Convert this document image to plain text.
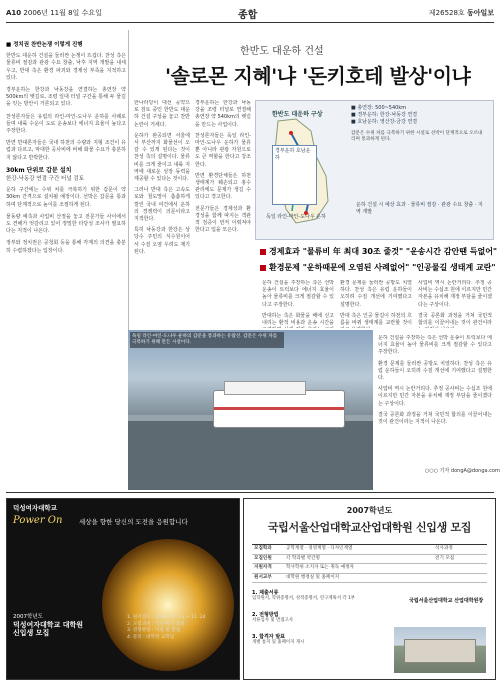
A10 2006년 11월 8일 수요일	종합	제26528호 동아일보
■ 정치권 찬반논쟁 이렇게 진행

한반도 대운하 건설을 둘러싼 논쟁이 뜨겁다. 찬성 측은 물류비 절감과 관광 수요 창출, 낙후 지역 개발을 내세우고, 반대 측은 환경 파괴와 경제성 부족을 지적하고 있다.

경부운하는 한강과 낙동강을 연결하는 총연장 약 500km의 뱃길로, 조령 일대 터널 구간을 통해 두 물길을 잇는 방안이 거론되고 있다.

찬성론자들은 유럽의 라인-마인-도나우 운하를 사례로 들며 내륙 수운이 도로 운송보다 에너지 효율이 높다고 주장한다.

반면 반대론자들은 국내 하천의 수량과 지형 조건이 유럽과 다르고, 막대한 공사비에 비해 화물 수요가 충분하지 않다고 반박한다.

30km 단위로 갑문 설치
한강-낙동강 연결 구간 터널 검토

운하 구간에는 수위 차를 극복하기 위한 갑문이 약 30km 간격으로 설치될 예정이다. 선박은 갑문을 통과하며 단계적으로 높이를 조절하게 된다.

물동량 예측과 사업비 산정을 놓고 전문가들 사이에서도 견해가 엇갈리고 있어 정밀한 타당성 조사가 필요하다는 지적이 나온다.

정부와 정치권은 공청회 등을 통해 각계의 의견을 충분히 수렴하겠다는 입장이다.

한반도 대운하 건설
'솔로몬 지혜'냐 '돈키호테 발상'이냐

한나라당이 대선 공약으로 검토 중인 한반도 대운하 건설 구상을 놓고 찬반 논란이 거세다.

운하가 완공되면 서울에서 부산까지 화물선이 오갈 수 있게 된다는 것이 찬성 측의 설명이다. 물류비를 크게 줄이고 내륙 지역에 새로운 성장 동력을 제공할 수 있다는 것이다.

그러나 반대 측은 고속도로와 철도망이 촘촘하게 깔린 국내 여건에서 운하의 경쟁력이 의문이라고 지적한다.

특히 낙동강과 한강은 상당수 주민의 식수원이어서 수질 오염 우려도 제기된다.

경부운하는 한강과 낙동강을 조령 터널로 연결해 총연장 약 540km의 뱃길을 만드는 사업이다.

찬성론자들은 독일 라인-마인-도나우 운하가 물류뿐 아니라 관광 자원으로도 큰 역할을 한다고 강조한다.

반면 환경단체들은 하천 생태계가 훼손되고 홍수 관리에도 문제가 생길 수 있다고 경고한다.

전문가들은 경제성과 환경성을 함께 따지는 객관적 검증이 먼저 이뤄져야 한다고 입을 모은다.

한반도 대운하 구상
■ 총연장: 500~540km
■ 경부운하: 한강-낙동강 연결
■ 호남운하: 영산강-금강 연결
갑문은 수위 차를 극복하기 위한 시설로 선박이 단계적으로 오르내리며 통과하게 된다.
경부운하 호남운하
독일 라인-마인-도나우 운하
운하 건설 시 예상 효과 · 물류비 절감 · 관광 수요 창출 · 지역 개발
경제효과 "물류비 年 최대 30조 줄것" "운송시간 감안땐 득없어"
환경문제 "운하때문에 오염된 사례없어" "인공물길 생태계 교란"

운하 건설을 주장하는 측은 선박 운송이 트럭보다 에너지 효율이 높아 물류비를 크게 절감할 수 있다고 주장한다.

반대하는 측은 화물을 배에 싣고 내리는 환적 비용과 운송 시간을

환경 문제를 둘러싼 공방도 치열하다. 찬성 측은 유럽 운하들이 오히려 수질 개선에 기여했다고 설명한다.

반대 측은 인공 물길이 하천의 흐름을 바꿔 생태계를 교란할 것이

사업비 역시 논란거리다. 추정 공사비는 수십조 원에 이르지만 민간 자본을 유치해 재정 부담을 줄이겠다는 구상이다.

결국 공론화 과정을 거쳐 국민적 합의를 이끌어내는 것이 관건이라

운하 건설을 주장하는 측은 선박 운송이 트럭보다 에너지 효율이 높아 물류비를 크게 절감할 수 있다고 주장한다.

환경 문제를 둘러싼 공방도 치열하다. 찬성 측은 유럽 운하들이 오히려 수질 개선에 기여했다고 설명한다.

사업비 역시 논란거리다. 추정 공사비는 수십조 원에 이르지만 민간 자본을 유치해 재정 부담을 줄이겠다는 구상이다.

결국 공론화 과정을 거쳐 국민적 합의를 이끌어내는 것이 관건이라는 지적이 나온다.

독일 라인-마인-도나우 운하의 갑문을 통과하는 유람선. 갑문은 수위 차를 극복하기 위해 만든 시설이다.
○○○ 기자 dongA@donga.com
덕성여자대학교
Power On	세상을 향한 당신의 도전을 응원합니다
2007학년도
덕성여자대학교 대학원
신입생 모집
1. 원서접수 : 2006. 11. 13 ~ 11. 24
2. 모집과정 : 석사·박사 과정
3. 전형방법 : 서류 및 면접
4. 문의 : 대학원 교학팀
2007학년도
국립서울산업대학교산업대학원 신입생 모집
모집학과	공학계열 · 경영계열 · 디자인계열	석사과정
모집인원	각 학과별 약간명	전기 모집
지원자격	학사학위 소지자 또는 취득 예정자
원서교부	대학원 행정실 및 홈페이지
1. 제출서류
입학원서, 학위증명서, 성적증명서, 연구계획서 각 1부
2. 전형방법
서류심사 및 면접고사
3. 합격자 발표
개별 통지 및 홈페이지 게시
국립서울산업대학교 산업대학원장
